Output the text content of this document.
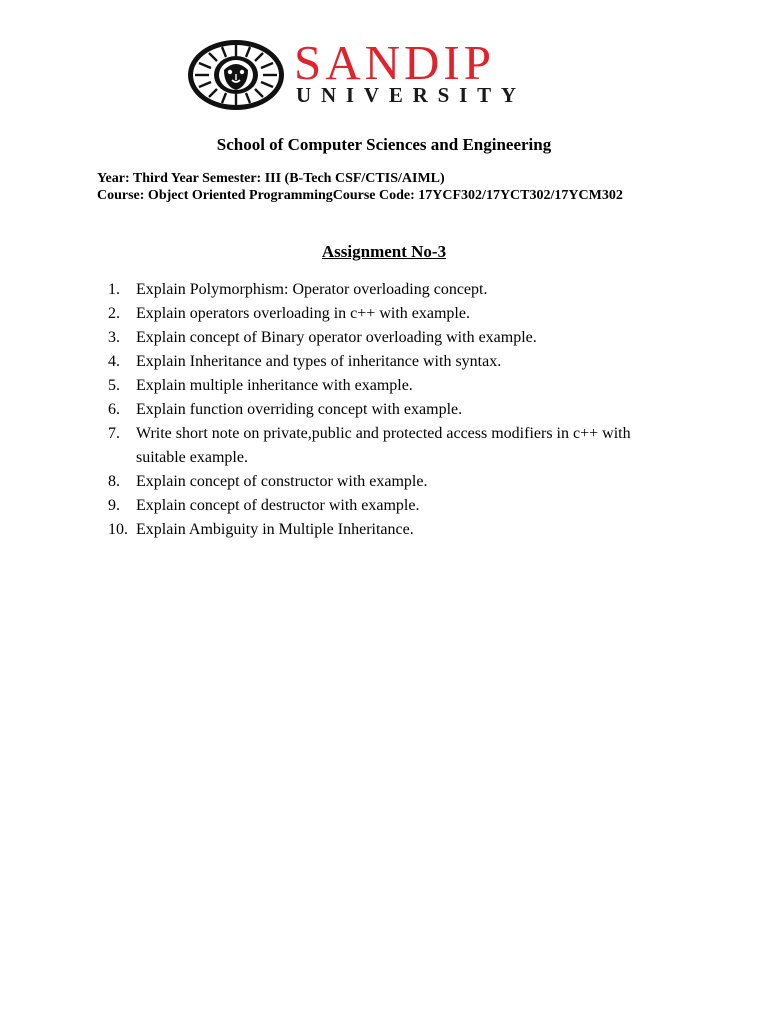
SANDIP
UNIVERSITY
School of Computer Sciences and Engineering
Year: Third Year Semester: III (B-Tech CSF/CTIS/AIML)
Course: Object Oriented ProgrammingCourse Code: 17YCF302/17YCT302/17YCM302
Assignment No-3
1.	Explain Polymorphism: Operator overloading concept.
2.	Explain operators overloading in c++ with example.
3.	Explain concept of Binary operator overloading with example.
4.	Explain Inheritance and types of inheritance with syntax.
5.	Explain multiple inheritance with example.
6.	Explain function overriding concept with example.
7.	Write short note on private,public and protected access modifiers in c++ with suitable example.
8.	Explain concept of constructor with example.
9.	Explain concept of destructor with example.
10. Explain Ambiguity in Multiple Inheritance.
